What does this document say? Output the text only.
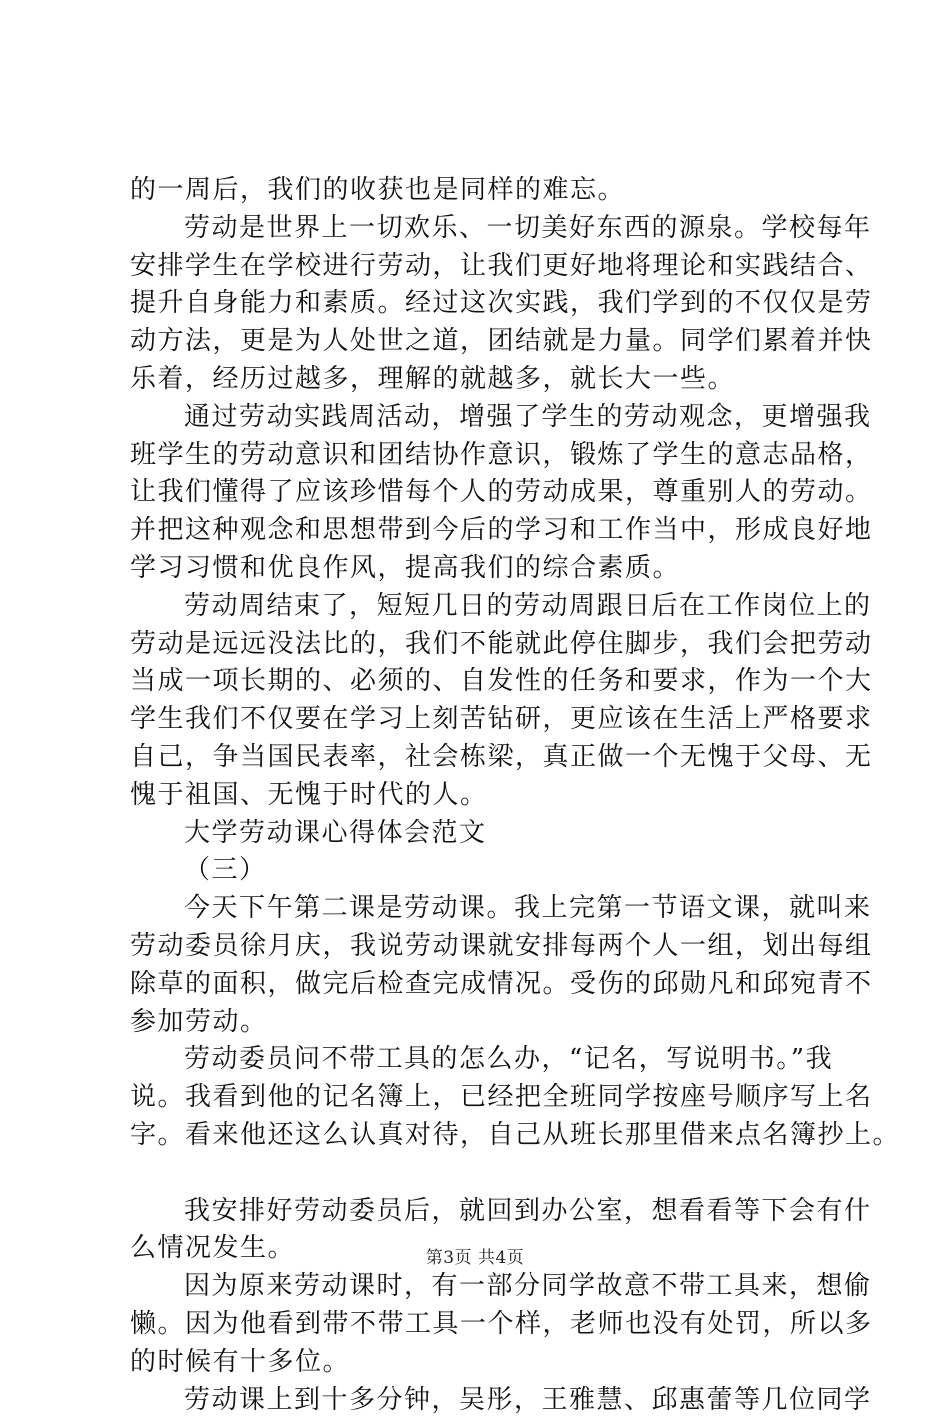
的一周后，我们的收获也是同样的难忘。
劳动是世界上一切欢乐、一切美好东西的源泉。学校每年
安排学生在学校进行劳动，让我们更好地将理论和实践结合、
提升自身能力和素质。经过这次实践，我们学到的不仅仅是劳
动方法，更是为人处世之道，团结就是力量。同学们累着并快
乐着，经历过越多，理解的就越多，就长大一些。
通过劳动实践周活动，增强了学生的劳动观念，更增强我
班学生的劳动意识和团结协作意识，锻炼了学生的意志品格，
让我们懂得了应该珍惜每个人的劳动成果，尊重别人的劳动。
并把这种观念和思想带到今后的学习和工作当中，形成良好地
学习习惯和优良作风，提高我们的综合素质。
劳动周结束了，短短几日的劳动周跟日后在工作岗位上的
劳动是远远没法比的，我们不能就此停住脚步，我们会把劳动
当成一项长期的、必须的、自发性的任务和要求，作为一个大
学生我们不仅要在学习上刻苦钻研，更应该在生活上严格要求
自己，争当国民表率，社会栋梁，真正做一个无愧于父母、无
愧于祖国、无愧于时代的人。
大学劳动课心得体会范文
（三）
今天下午第二课是劳动课。我上完第一节语文课，就叫来
劳动委员徐月庆，我说劳动课就安排每两个人一组，划出每组
除草的面积，做完后检查完成情况。受伤的邱勋凡和邱宛青不
参加劳动。
劳动委员问不带工具的怎么办，“记名，写说明书。”我
说。我看到他的记名簿上，已经把全班同学按座号顺序写上名
字。看来他还这么认真对待，自己从班长那里借来点名簿抄上。
我安排好劳动委员后，就回到办公室，想看看等下会有什
么情况发生。
因为原来劳动课时，有一部分同学故意不带工具来，想偷
懒。因为他看到带不带工具一个样，老师也没有处罚，所以多
的时候有十多位。
劳动课上到十多分钟，吴彤，王雅慧、邱惠蕾等几位同学
第3页 共4页
